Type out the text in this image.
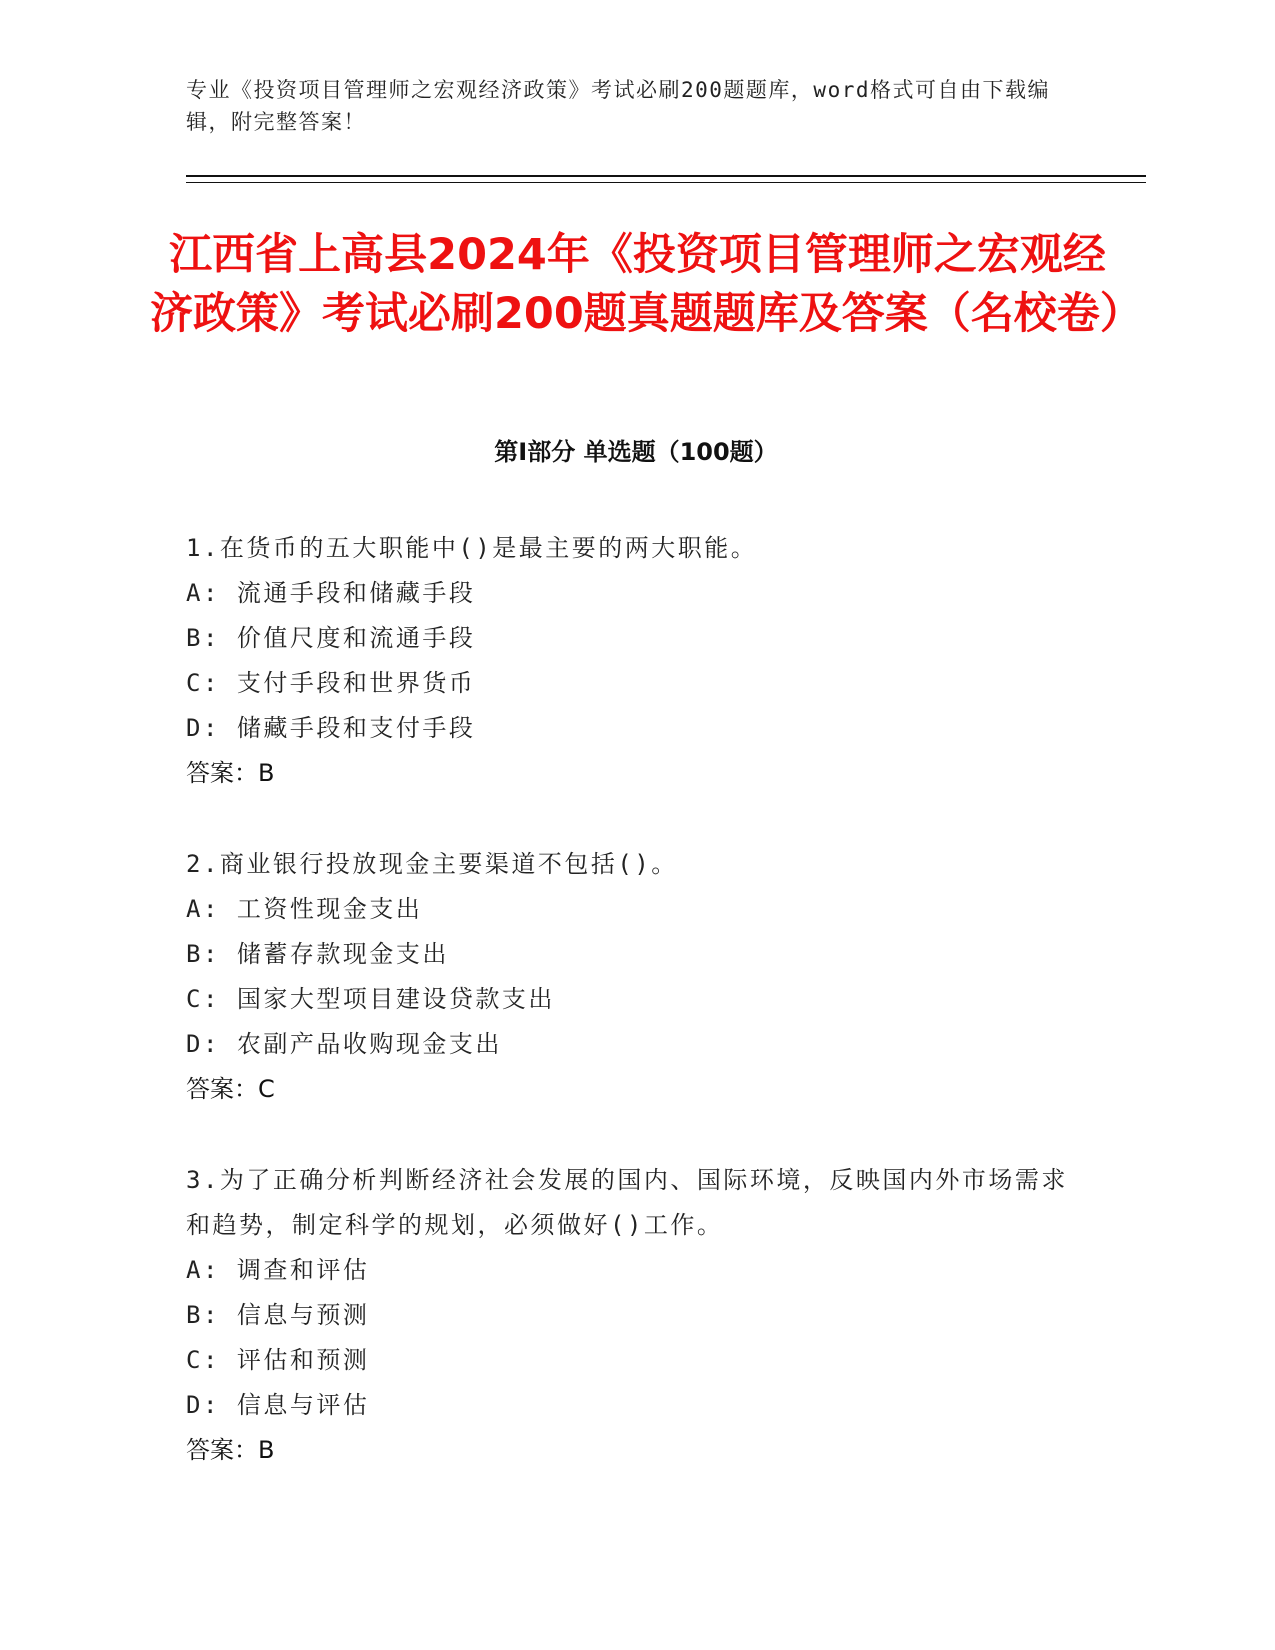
专业《投资项目管理师之宏观经济政策》考试必刷200题题库，word格式可自由下载编辑，附完整答案！
江西省上高县2024年《投资项目管理师之宏观经济政策》考试必刷200题真题题库及答案（名校卷）
第Ⅰ部分 单选题（100题）
1.在货币的五大职能中()是最主要的两大职能。
A: 流通手段和储藏手段
B: 价值尺度和流通手段
C: 支付手段和世界货币
D: 储藏手段和支付手段
答案：B
2.商业银行投放现金主要渠道不包括()。
A: 工资性现金支出
B: 储蓄存款现金支出
C: 国家大型项目建设贷款支出
D: 农副产品收购现金支出
答案：C
3.为了正确分析判断经济社会发展的国内、国际环境，反映国内外市场需求和趋势，制定科学的规划，必须做好()工作。
A: 调查和评估
B: 信息与预测
C: 评估和预测
D: 信息与评估
答案：B
